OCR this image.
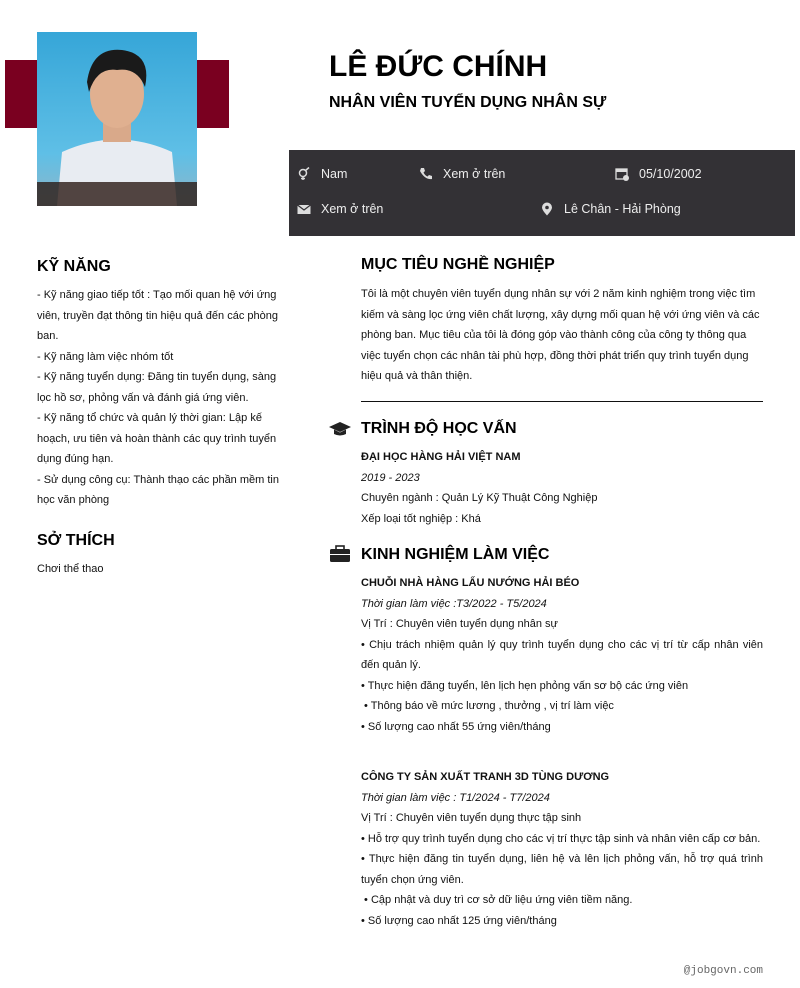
LÊ ĐỨC CHÍNH
NHÂN VIÊN TUYỂN DỤNG NHÂN SỰ
Nam	Xem ở trên	05/10/2002
Xem ở trên	Lê Chân - Hải Phòng
KỸ NĂNG
- Kỹ năng giao tiếp tốt : Tạo mối quan hệ với ứng viên, truyền đạt thông tin hiệu quả đến các phòng ban.
- Kỹ năng làm việc nhóm tốt
- Kỹ năng tuyển dụng: Đăng tin tuyển dụng, sàng lọc hồ sơ, phỏng vấn và đánh giá ứng viên.
- Kỹ năng tổ chức và quản lý thời gian: Lập kế hoạch, ưu tiên và hoàn thành các quy trình tuyển dụng đúng hạn.
- Sử dụng công cụ: Thành thạo các phần mềm tin học văn phòng
SỞ THÍCH
Chơi thể thao
MỤC TIÊU NGHỀ NGHIỆP
Tôi là một chuyên viên tuyển dụng nhân sự với 2 năm kinh nghiệm trong việc tìm kiếm và sàng lọc ứng viên chất lượng, xây dựng mối quan hệ với ứng viên và các phòng ban. Mục tiêu của tôi là đóng góp vào thành công của công ty thông qua việc tuyển chọn các nhân tài phù hợp, đồng thời phát triển quy trình tuyển dụng hiệu quả và thân thiện.
TRÌNH ĐỘ HỌC VẤN
ĐẠI HỌC HÀNG HẢI VIỆT NAM
2019 - 2023
Chuyên ngành : Quản Lý Kỹ Thuật Công Nghiệp
Xếp loại tốt nghiệp : Khá
KINH NGHIỆM LÀM VIỆC
CHUỖI NHÀ HÀNG LẨU NƯỚNG HẢI BÉO
Thời gian làm việc :T3/2022 - T5/2024
Vị Trí : Chuyên viên tuyển dụng nhân sự
• Chịu trách nhiệm quản lý quy trình tuyển dụng cho các vị trí từ cấp nhân viên đến quản lý.
• Thực hiện đăng tuyển, lên lịch hẹn phỏng vấn sơ bộ các ứng viên
• Thông báo về mức lương , thưởng , vị trí làm việc
• Số lượng cao nhất 55 ứng viên/tháng
CÔNG TY SẢN XUẤT TRANH 3D TÙNG DƯƠNG
Thời gian làm việc : T1/2024 - T7/2024
Vị Trí : Chuyên viên tuyển dụng thực tập sinh
• Hỗ trợ quy trình tuyển dụng cho các vị trí thực tập sinh và nhân viên cấp cơ bản.
• Thực hiện đăng tin tuyển dụng, liên hệ và lên lịch phỏng vấn, hỗ trợ quá trình tuyển chọn ứng viên.
• Cập nhật và duy trì cơ sở dữ liệu ứng viên tiềm năng.
• Số lượng cao nhất 125 ứng viên/tháng
@jobgovn.com
